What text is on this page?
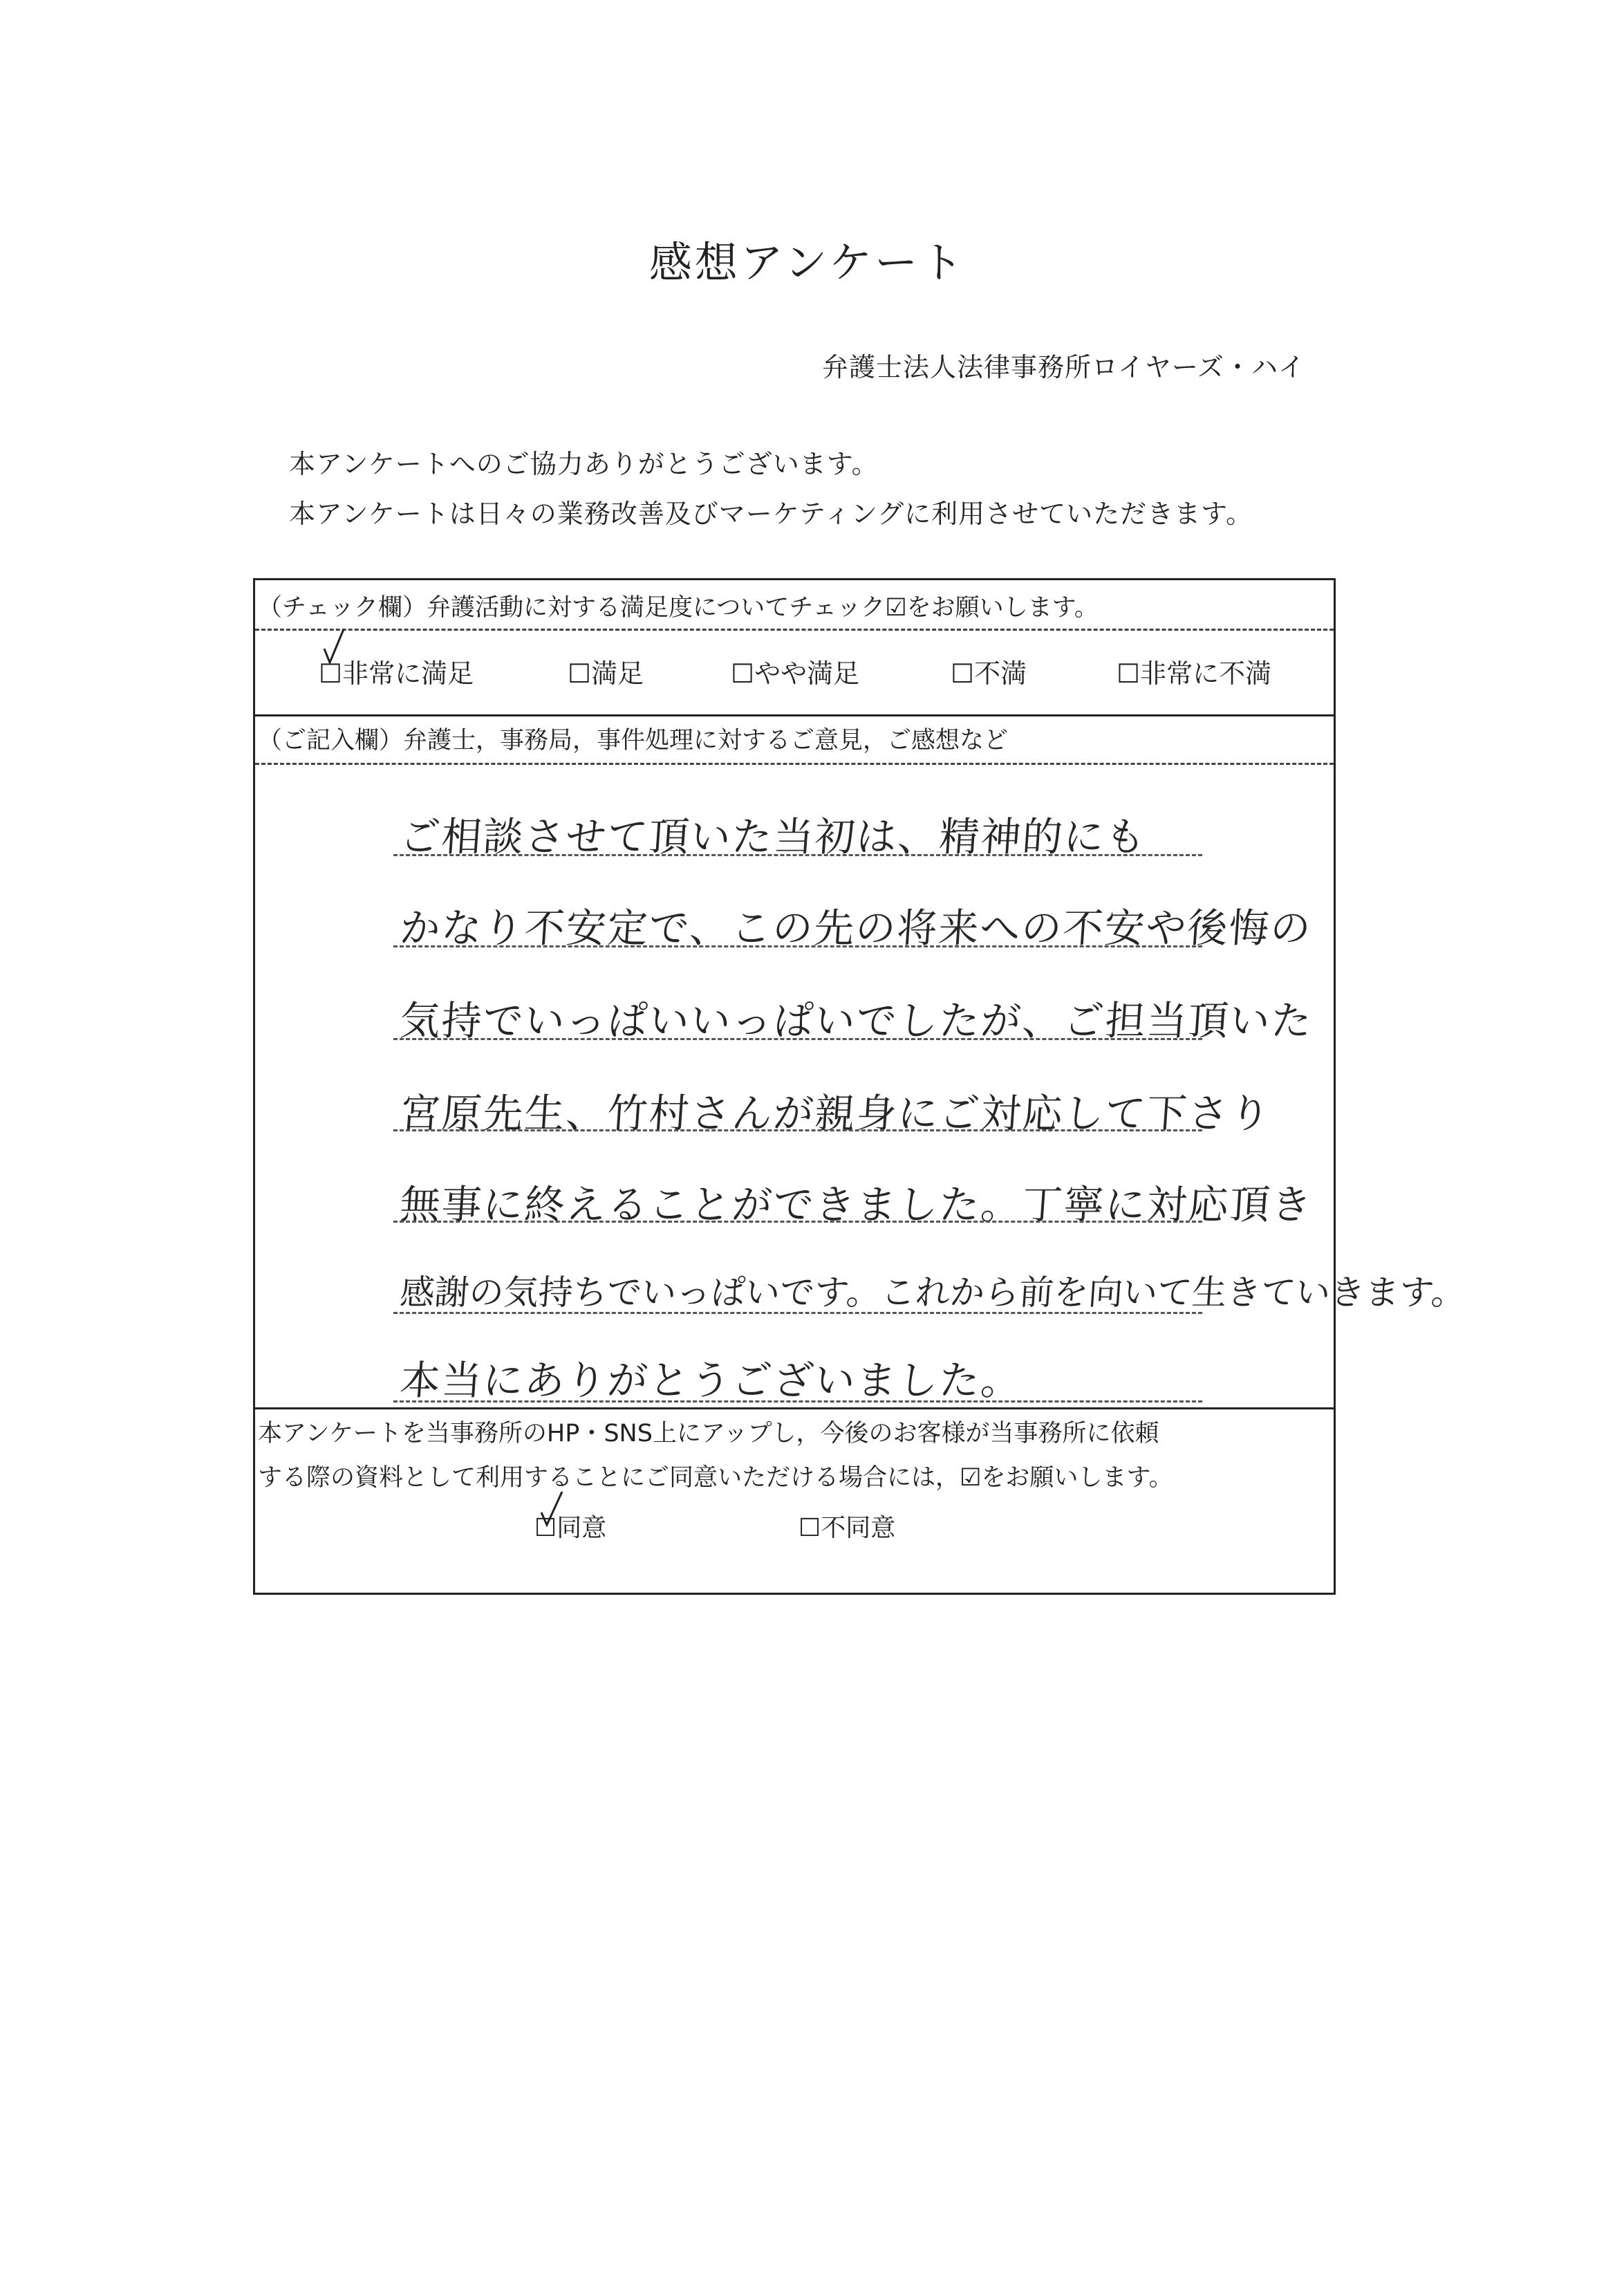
感想アンケート
弁護士法人法律事務所ロイヤーズ・ハイ
本アンケートへのご協力ありがとうございます。
本アンケートは日々の業務改善及びマーケティングに利用させていただきます。
（チェック欄）弁護活動に対する満足度についてチェック☑をお願いします。
☐
非常に満足	☐満足	☐やや満足	☐不満	☐非常に不満
（ご記入欄）弁護士，事務局，事件処理に対するご意見，ご感想など
ご相談させて頂いた当初は、精神的にも
かなり不安定で、この先の将来への不安や後悔の
気持でいっぱいいっぱいでしたが、ご担当頂いた
宮原先生、竹村さんが親身にご対応して下さり
無事に終えることができました。丁寧に対応頂き
感謝の気持ちでいっぱいです。これから前を向いて生きていきます。
本当にありがとうございました。
本アンケートを当事務所のHP・SNS上にアップし，今後のお客様が当事務所に依頼
する際の資料として利用することにご同意いただける場合には，☑をお願いします。
☐
同意	☐不同意
